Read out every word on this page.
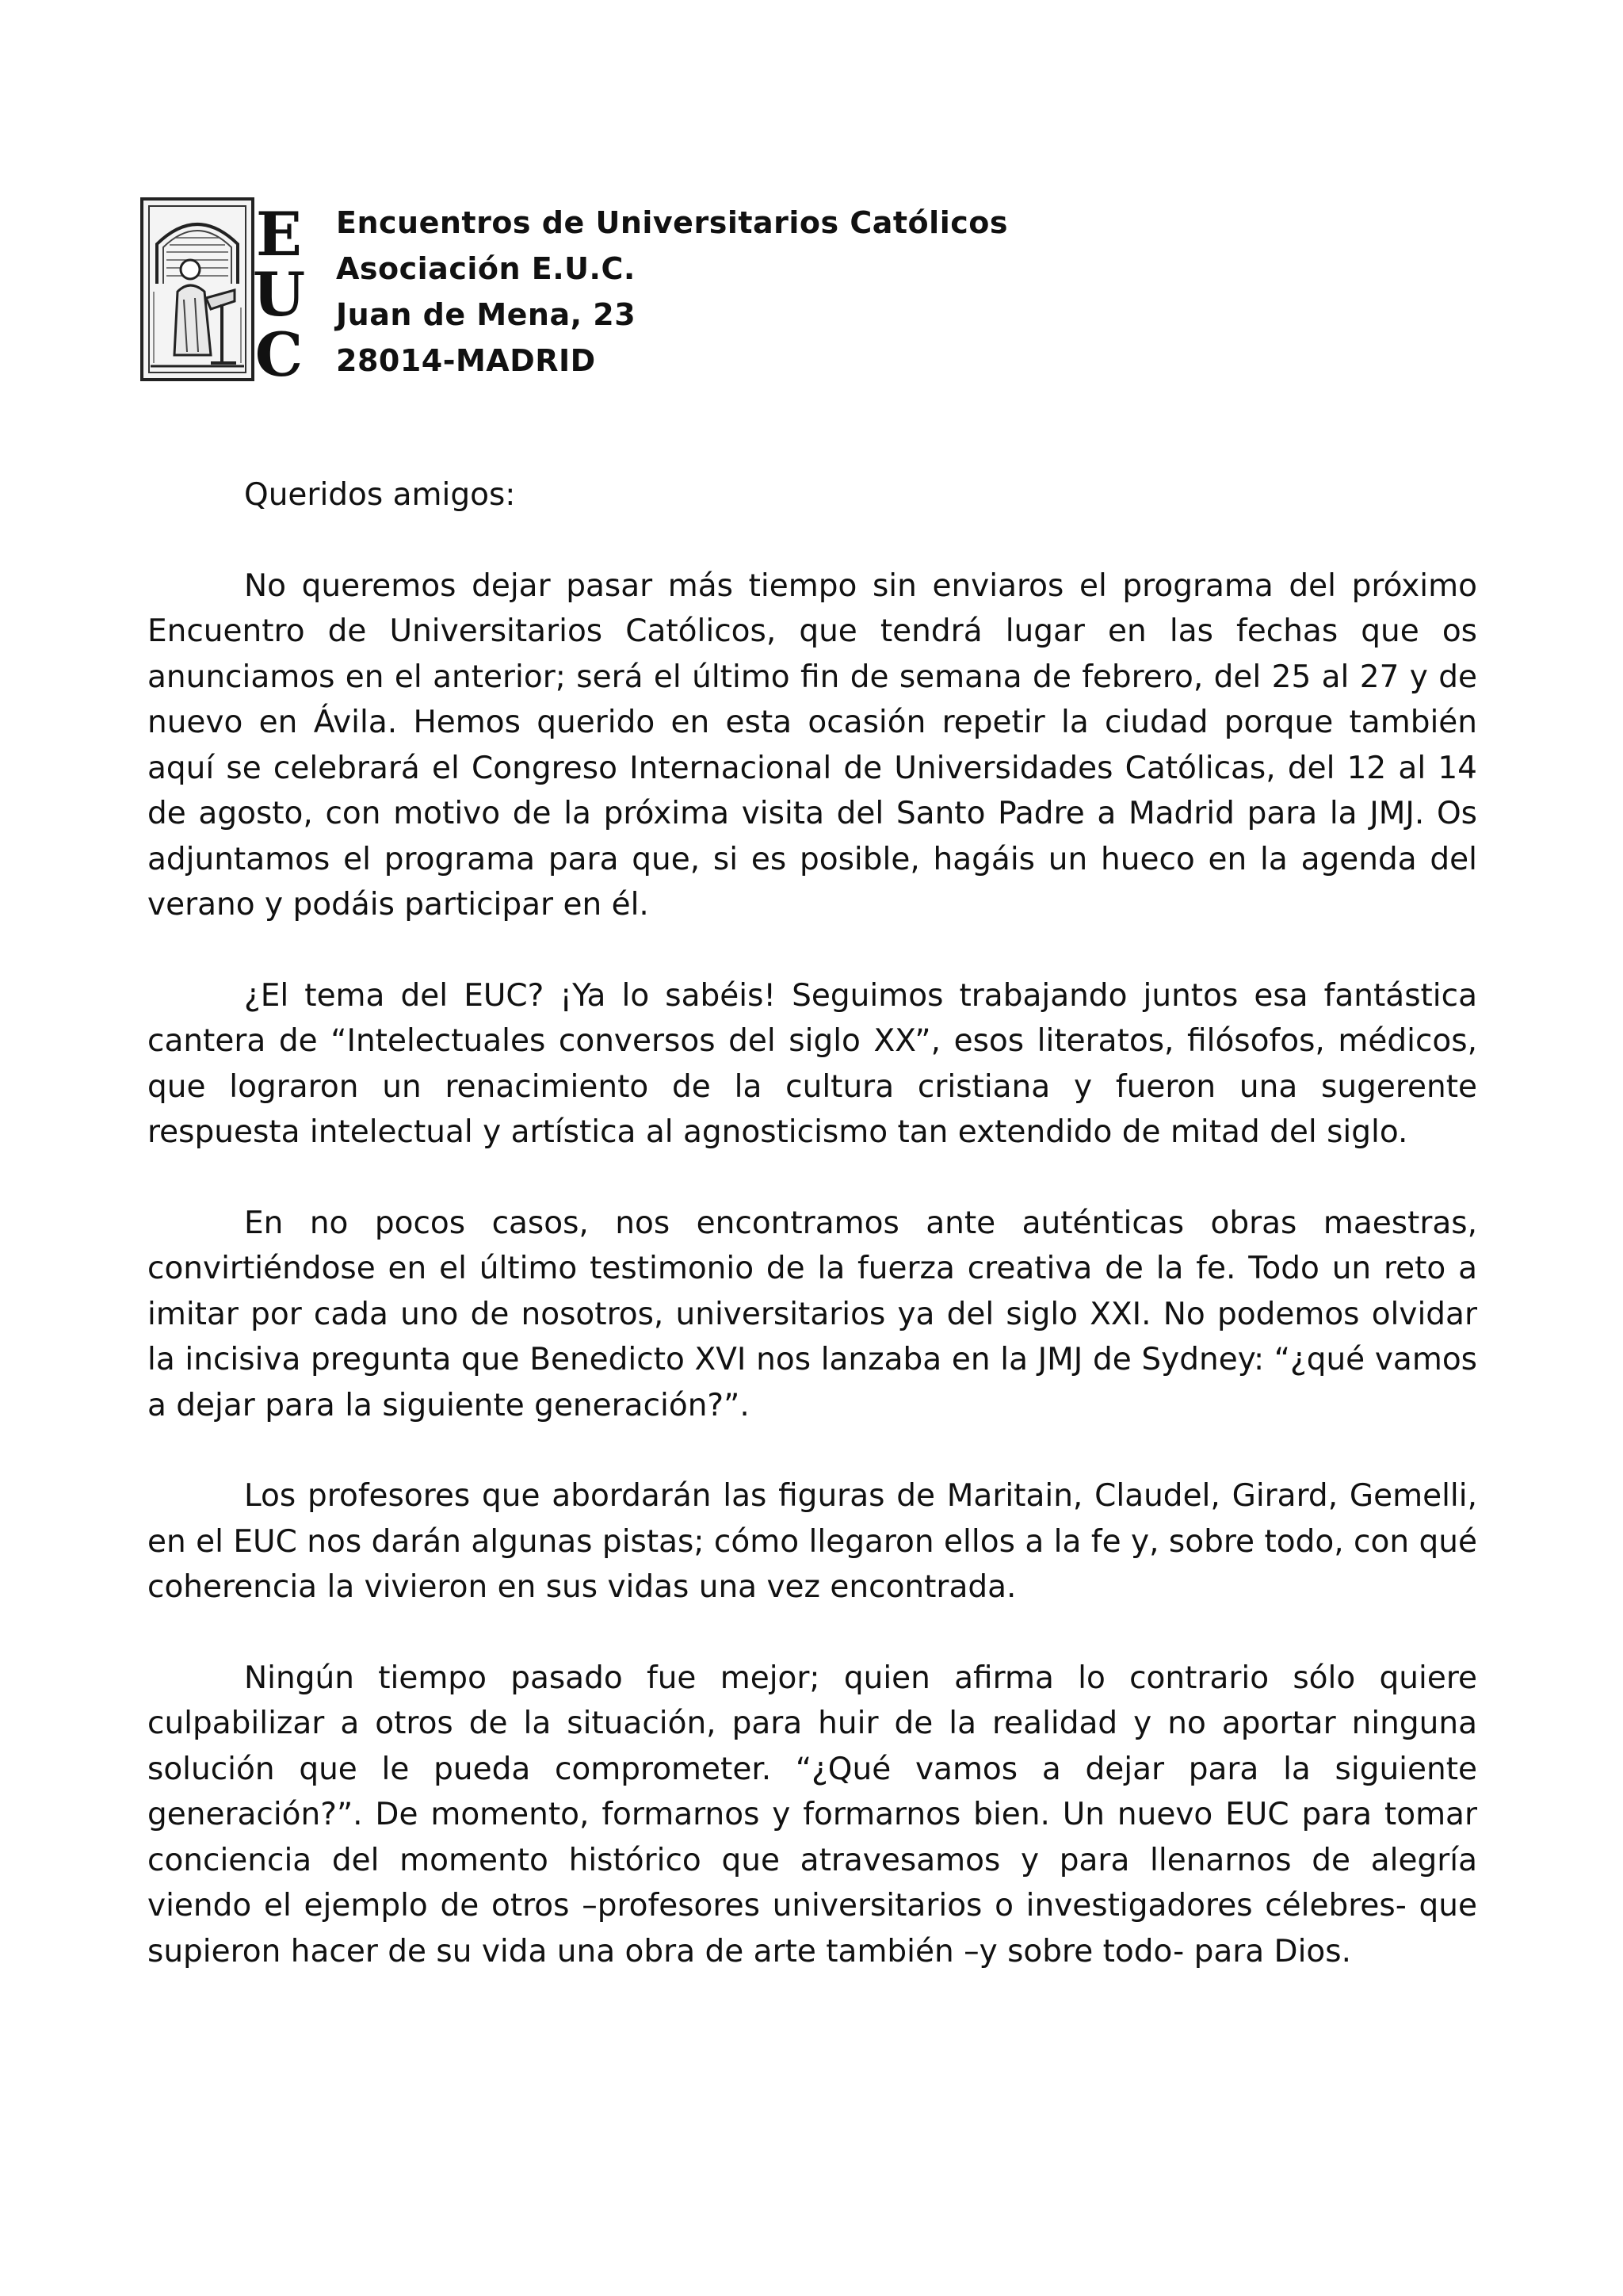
E
U
C
Encuentros de Universitarios Católicos
Asociación E.U.C.
Juan de Mena, 23
28014-MADRID

Queridos amigos:

No queremos dejar pasar más tiempo sin enviaros el programa del próximo Encuentro de Universitarios Católicos, que tendrá lugar en las fechas que os anunciamos en el anterior; será el último fin de semana de febrero, del 25 al 27 y de nuevo en Ávila. Hemos querido en esta ocasión repetir la ciudad porque también aquí se celebrará el Congreso Internacional de Universidades Católicas, del 12 al 14 de agosto, con motivo de la próxima visita del Santo Padre a Madrid para la JMJ. Os adjuntamos el programa para que, si es posible, hagáis un hueco en la agenda del verano y podáis participar en él.

¿El tema del EUC? ¡Ya lo sabéis! Seguimos trabajando juntos esa fantástica cantera de “Intelectuales conversos del siglo XX”, esos literatos, filósofos, médicos, que lograron un renacimiento de la cultura cristiana y fueron una sugerente respuesta intelectual y artística al agnosticismo tan extendido de mitad del siglo.

En no pocos casos, nos encontramos ante auténticas obras maestras, convirtiéndose en el último testimonio de la fuerza creativa de la fe. Todo un reto a imitar por cada uno de nosotros, universitarios ya del siglo XXI. No podemos olvidar la incisiva pregunta que Benedicto XVI nos lanzaba en la JMJ de Sydney: “¿qué vamos a dejar para la siguiente generación?”.

Los profesores que abordarán las figuras de Maritain, Claudel, Girard, Gemelli, en el EUC nos darán algunas pistas; cómo llegaron ellos a la fe y, sobre todo, con qué coherencia la vivieron en sus vidas una vez encontrada.

Ningún tiempo pasado fue mejor; quien afirma lo contrario sólo quiere culpabilizar a otros de la situación, para huir de la realidad y no aportar ninguna solución que le pueda comprometer. “¿Qué vamos a dejar para la siguiente generación?”. De momento, formarnos y formarnos bien. Un nuevo EUC para tomar conciencia del momento histórico que atravesamos y para llenarnos de alegría viendo el ejemplo de otros –profesores universitarios o investigadores célebres- que supieron hacer de su vida una obra de arte también –y sobre todo- para Dios.
